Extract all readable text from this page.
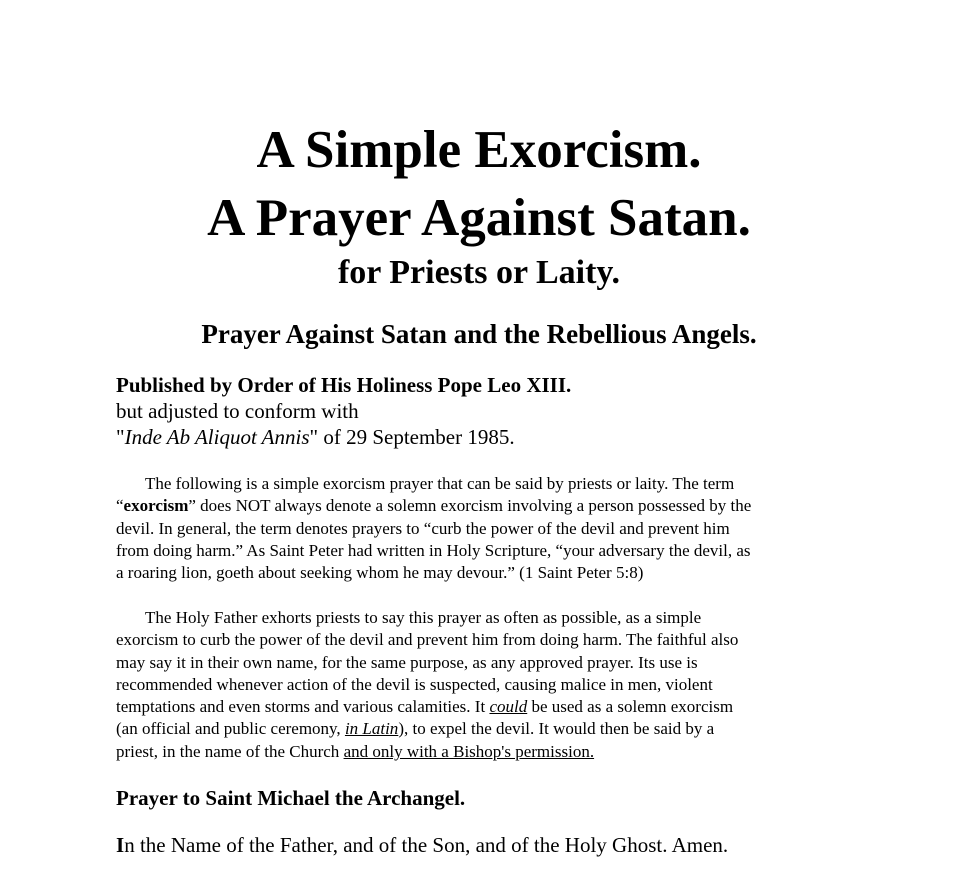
A Simple Exorcism.
A Prayer Against Satan.
for Priests or Laity.
Prayer Against Satan and the Rebellious Angels.
Published by Order of His Holiness Pope Leo XIII.
but adjusted to conform with
"Inde Ab Aliquot Annis" of 29 September 1985.
The following is a simple exorcism prayer that can be said by priests or laity. The term
“exorcism” does NOT always denote a solemn exorcism involving a person possessed by the
devil. In general, the term denotes prayers to “curb the power of the devil and prevent him
from doing harm.” As Saint Peter had written in Holy Scripture, “your adversary the devil, as
a roaring lion, goeth about seeking whom he may devour.” (1 Saint Peter 5:8)
The Holy Father exhorts priests to say this prayer as often as possible, as a simple
exorcism to curb the power of the devil and prevent him from doing harm. The faithful also
may say it in their own name, for the same purpose, as any approved prayer. Its use is
recommended whenever action of the devil is suspected, causing malice in men, violent
temptations and even storms and various calamities. It could be used as a solemn exorcism
(an official and public ceremony, in Latin), to expel the devil. It would then be said by a
priest, in the name of the Church and only with a Bishop's permission.
Prayer to Saint Michael the Archangel.
In the Name of the Father, and of the Son, and of the Holy Ghost. Amen.
